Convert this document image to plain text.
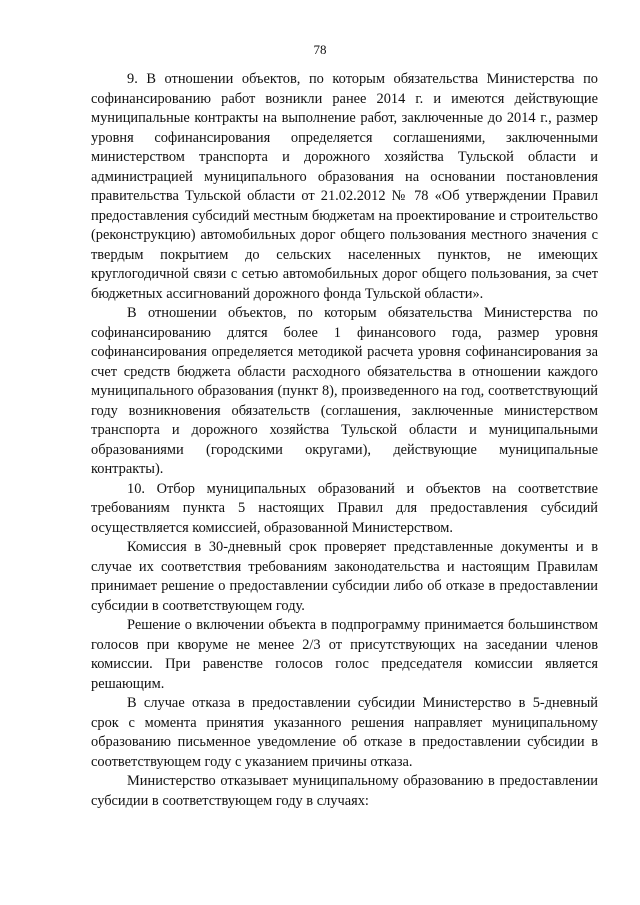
78

9. В отношении объектов, по которым обязательства Министерства по софинансированию работ возникли ранее 2014 г. и имеются действующие муниципальные контракты на выполнение работ, заключенные до 2014 г., размер уровня софинансирования определяется соглашениями, заключенными министерством транспорта и дорожного хозяйства Тульской области и администрацией муниципального образования на основании постановления правительства Тульской области от 21.02.2012 № 78 «Об утверждении Правил предоставления субсидий местным бюджетам на проектирование и строительство (реконструкцию) автомобильных дорог общего пользования местного значения с твердым покрытием до сельских населенных пунктов, не имеющих круглогодичной связи с сетью автомобильных дорог общего пользования, за счет бюджетных ассигнований дорожного фонда Тульской области».

В отношении объектов, по которым обязательства Министерства по софинансированию длятся более 1 финансового года, размер уровня софинансирования определяется методикой расчета уровня софинансирования за счет средств бюджета области расходного обязательства в отношении каждого муниципального образования (пункт 8), произведенного на год, соответствующий году возникновения обязательств (соглашения, заключенные министерством транспорта и дорожного хозяйства Тульской области и муниципальными образованиями (городскими округами), действующие муниципальные контракты).

10. Отбор муниципальных образований и объектов на соответствие требованиям пункта 5 настоящих Правил для предоставления субсидий осуществляется комиссией, образованной Министерством.

Комиссия в 30-дневный срок проверяет представленные документы и в случае их соответствия требованиям законодательства и настоящим Правилам принимает решение о предоставлении субсидии либо об отказе в предоставлении субсидии в соответствующем году.

Решение о включении объекта в подпрограмму принимается большинством голосов при кворуме не менее 2/3 от присутствующих на заседании членов комиссии. При равенстве голосов голос председателя комиссии является решающим.

В случае отказа в предоставлении субсидии Министерство в 5-дневный срок с момента принятия указанного решения направляет муниципальному образованию письменное уведомление об отказе в предоставлении субсидии в соответствующем году с указанием причины отказа.

Министерство отказывает муниципальному образованию в предоставлении субсидии в соответствующем году в случаях:
